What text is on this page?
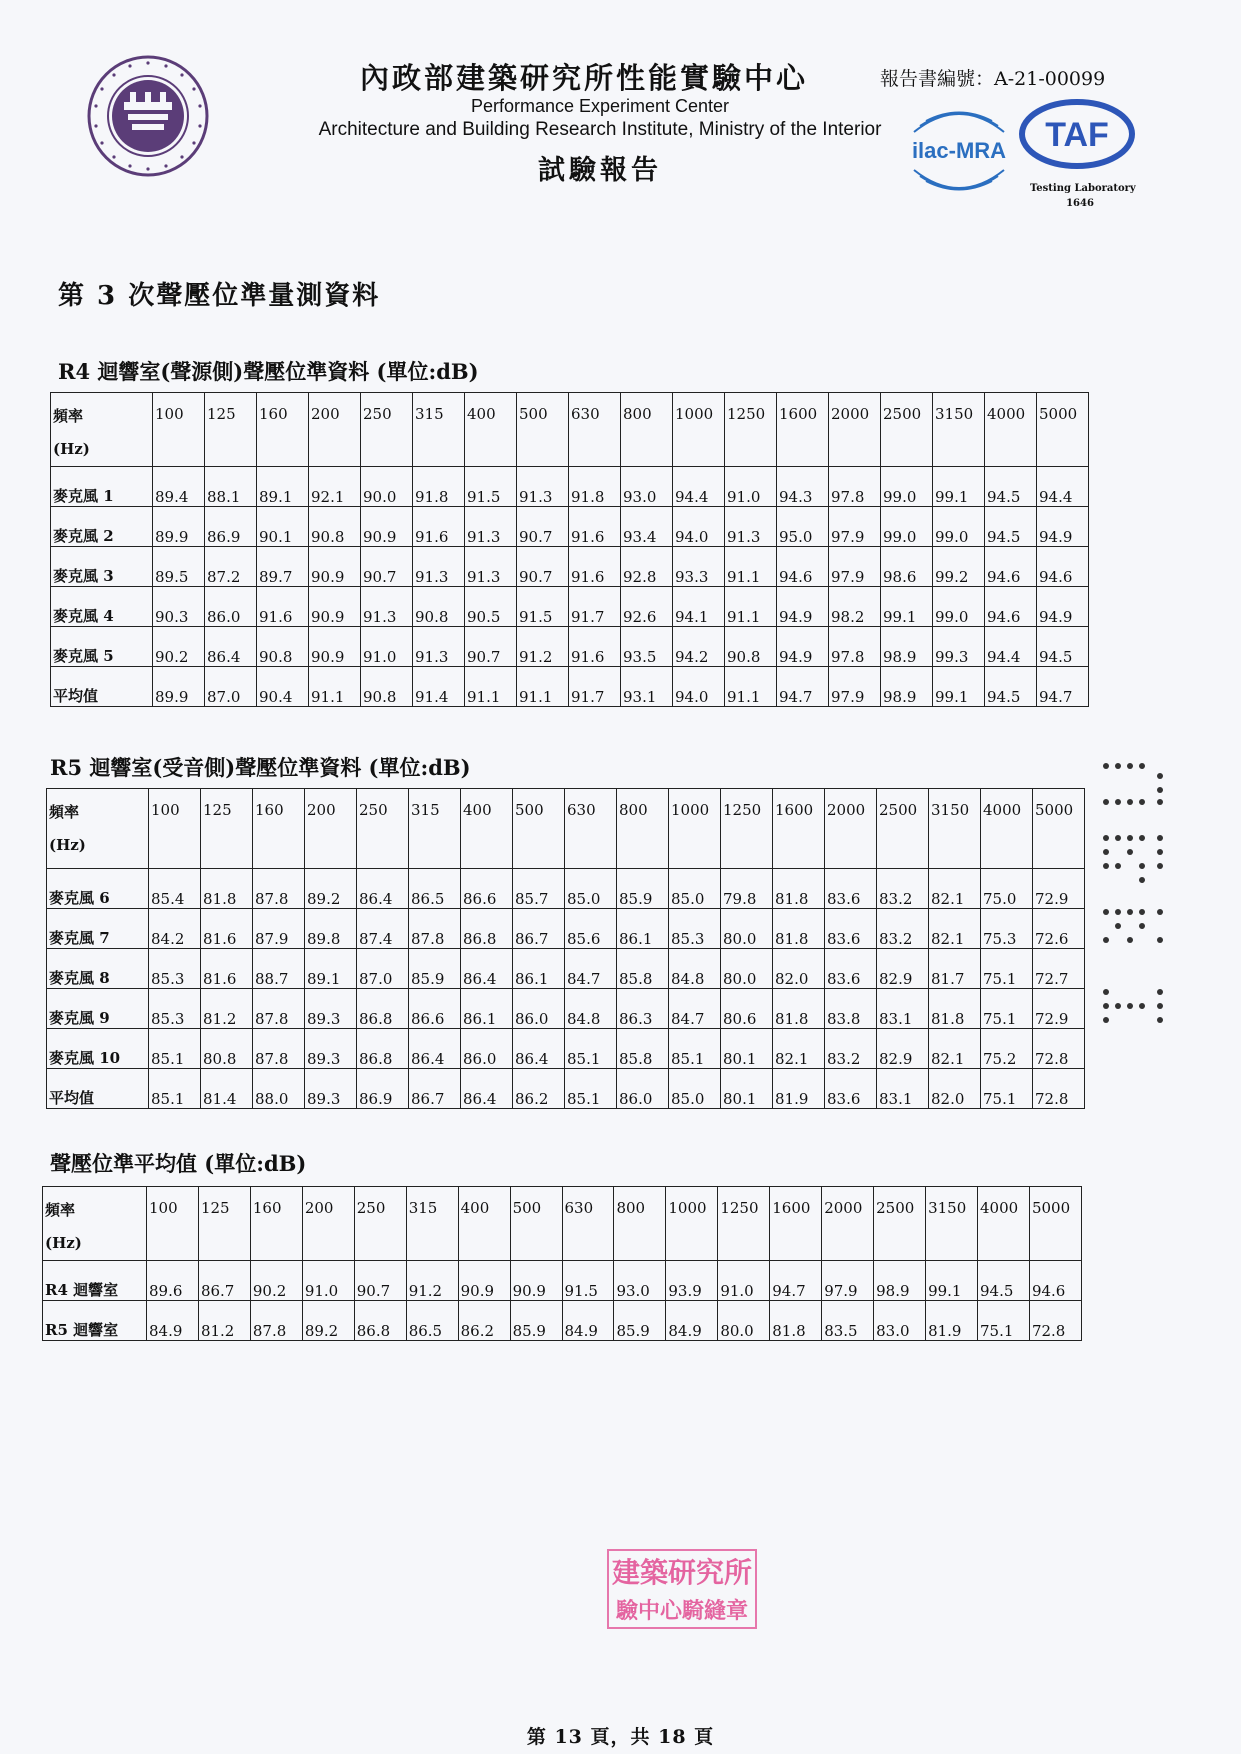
內政部建築研究所性能實驗中心	報告書編號：A-21-00099
Performance Experiment Center
Architecture and Building Research Institute, Ministry of the Interior
試驗報告
ilac-MRA TAF
Testing Laboratory
1646
第 3 次聲壓位準量測資料
R4 迴響室(聲源側)聲壓位準資料 (單位:dB)
頻率
(Hz)	100	125	160	200	250	315	400	500	630	800	1000	1250	1600	2000	2500	3150	4000	5000
麥克風 1	89.4	88.1	89.1	92.1	90.0	91.8	91.5	91.3	91.8	93.0	94.4	91.0	94.3	97.8	99.0	99.1	94.5	94.4
麥克風 2	89.9	86.9	90.1	90.8	90.9	91.6	91.3	90.7	91.6	93.4	94.0	91.3	95.0	97.9	99.0	99.0	94.5	94.9
麥克風 3	89.5	87.2	89.7	90.9	90.7	91.3	91.3	90.7	91.6	92.8	93.3	91.1	94.6	97.9	98.6	99.2	94.6	94.6
麥克風 4	90.3	86.0	91.6	90.9	91.3	90.8	90.5	91.5	91.7	92.6	94.1	91.1	94.9	98.2	99.1	99.0	94.6	94.9
麥克風 5	90.2	86.4	90.8	90.9	91.0	91.3	90.7	91.2	91.6	93.5	94.2	90.8	94.9	97.8	98.9	99.3	94.4	94.5
平均值	89.9	87.0	90.4	91.1	90.8	91.4	91.1	91.1	91.7	93.1	94.0	91.1	94.7	97.9	98.9	99.1	94.5	94.7
R5 迴響室(受音側)聲壓位準資料 (單位:dB)
頻率
(Hz)	100	125	160	200	250	315	400	500	630	800	1000	1250	1600	2000	2500	3150	4000	5000
麥克風 6	85.4	81.8	87.8	89.2	86.4	86.5	86.6	85.7	85.0	85.9	85.0	79.8	81.8	83.6	83.2	82.1	75.0	72.9
麥克風 7	84.2	81.6	87.9	89.8	87.4	87.8	86.8	86.7	85.6	86.1	85.3	80.0	81.8	83.6	83.2	82.1	75.3	72.6
麥克風 8	85.3	81.6	88.7	89.1	87.0	85.9	86.4	86.1	84.7	85.8	84.8	80.0	82.0	83.6	82.9	81.7	75.1	72.7
麥克風 9	85.3	81.2	87.8	89.3	86.8	86.6	86.1	86.0	84.8	86.3	84.7	80.6	81.8	83.8	83.1	81.8	75.1	72.9
麥克風 10	85.1	80.8	87.8	89.3	86.8	86.4	86.0	86.4	85.1	85.8	85.1	80.1	82.1	83.2	82.9	82.1	75.2	72.8
平均值	85.1	81.4	88.0	89.3	86.9	86.7	86.4	86.2	85.1	86.0	85.0	80.1	81.9	83.6	83.1	82.0	75.1	72.8
聲壓位準平均值 (單位:dB)
頻率
(Hz)	100	125	160	200	250	315	400	500	630	800	1000	1250	1600	2000	2500	3150	4000	5000
R4 迴響室	89.6	86.7	90.2	91.0	90.7	91.2	90.9	90.9	91.5	93.0	93.9	91.0	94.7	97.9	98.9	99.1	94.5	94.6
R5 迴響室	84.9	81.2	87.8	89.2	86.8	86.5	86.2	85.9	84.9	85.9	84.9	80.0	81.8	83.5	83.0	81.9	75.1	72.8
建築研究所
驗中心騎縫章
第 13 頁，共 18 頁
